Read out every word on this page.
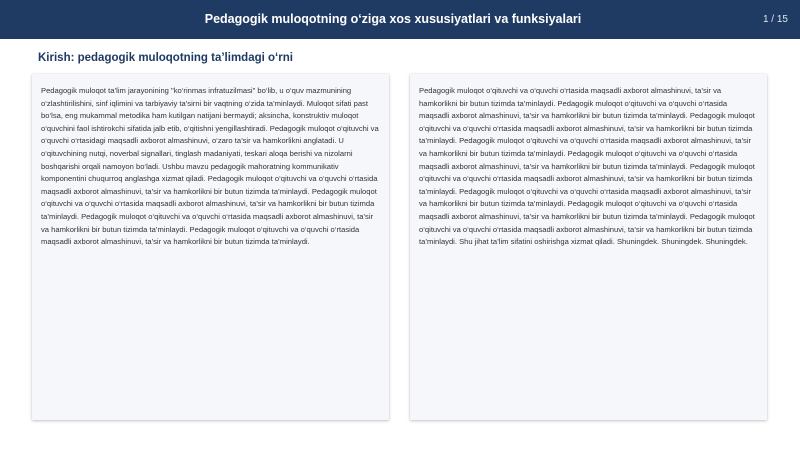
Pedagogik muloqotning o‘ziga xos xususiyatlari va funksiyalari	1 / 15
Kirish: pedagogik muloqotning ta’limdagi o‘rni

Pedagogik muloqot ta’lim jarayonining "ko‘rinmas infratuzilmasi" bo‘lib, u o‘quv mazmunining o‘zlashtirilishini, sinf iqlimini va tarbiyaviy ta’sirni bir vaqtning o‘zida ta’minlaydi. Muloqot sifati past bo‘lsa, eng mukammal metodika ham kutilgan natijani bermaydi; aksincha, konstruktiv muloqot o‘quvchini faol ishtirokchi sifatida jalb etib, o‘qitishni yengillashtiradi. Pedagogik muloqot o‘qituvchi va o‘quvchi o‘rtasidagi maqsadli axborot almashinuvi, o‘zaro ta’sir va hamkorlikni anglatadi. U o‘qituvchining nutqi, noverbal signallari, tinglash madaniyati, teskari aloqa berishi va nizolarni boshqarishi orqali namoyon bo‘ladi. Ushbu mavzu pedagogik mahoratning kommunikativ komponentini chuqurroq anglashga xizmat qiladi. Pedagogik muloqot o‘qituvchi va o‘quvchi o‘rtasida maqsadli axborot almashinuvi, ta’sir va hamkorlikni bir butun tizimda ta’minlaydi. Pedagogik muloqot o‘qituvchi va o‘quvchi o‘rtasida maqsadli axborot almashinuvi, ta’sir va hamkorlikni bir butun tizimda ta’minlaydi. Pedagogik muloqot o‘qituvchi va o‘quvchi o‘rtasida maqsadli axborot almashinuvi, ta’sir va hamkorlikni bir butun tizimda ta’minlaydi. Pedagogik muloqot o‘qituvchi va o‘quvchi o‘rtasida maqsadli axborot almashinuvi, ta’sir va hamkorlikni bir butun tizimda ta’minlaydi.

Pedagogik muloqot o‘qituvchi va o‘quvchi o‘rtasida maqsadli axborot almashinuvi, ta’sir va hamkorlikni bir butun tizimda ta’minlaydi. Pedagogik muloqot o‘qituvchi va o‘quvchi o‘rtasida maqsadli axborot almashinuvi, ta’sir va hamkorlikni bir butun tizimda ta’minlaydi. Pedagogik muloqot o‘qituvchi va o‘quvchi o‘rtasida maqsadli axborot almashinuvi, ta’sir va hamkorlikni bir butun tizimda ta’minlaydi. Pedagogik muloqot o‘qituvchi va o‘quvchi o‘rtasida maqsadli axborot almashinuvi, ta’sir va hamkorlikni bir butun tizimda ta’minlaydi. Pedagogik muloqot o‘qituvchi va o‘quvchi o‘rtasida maqsadli axborot almashinuvi, ta’sir va hamkorlikni bir butun tizimda ta’minlaydi. Pedagogik muloqot o‘qituvchi va o‘quvchi o‘rtasida maqsadli axborot almashinuvi, ta’sir va hamkorlikni bir butun tizimda ta’minlaydi. Pedagogik muloqot o‘qituvchi va o‘quvchi o‘rtasida maqsadli axborot almashinuvi, ta’sir va hamkorlikni bir butun tizimda ta’minlaydi. Pedagogik muloqot o‘qituvchi va o‘quvchi o‘rtasida maqsadli axborot almashinuvi, ta’sir va hamkorlikni bir butun tizimda ta’minlaydi. Pedagogik muloqot o‘qituvchi va o‘quvchi o‘rtasida maqsadli axborot almashinuvi, ta’sir va hamkorlikni bir butun tizimda ta’minlaydi. Shu jihat ta’lim sifatini oshirishga xizmat qiladi. Shuningdek. Shuningdek. Shuningdek.
